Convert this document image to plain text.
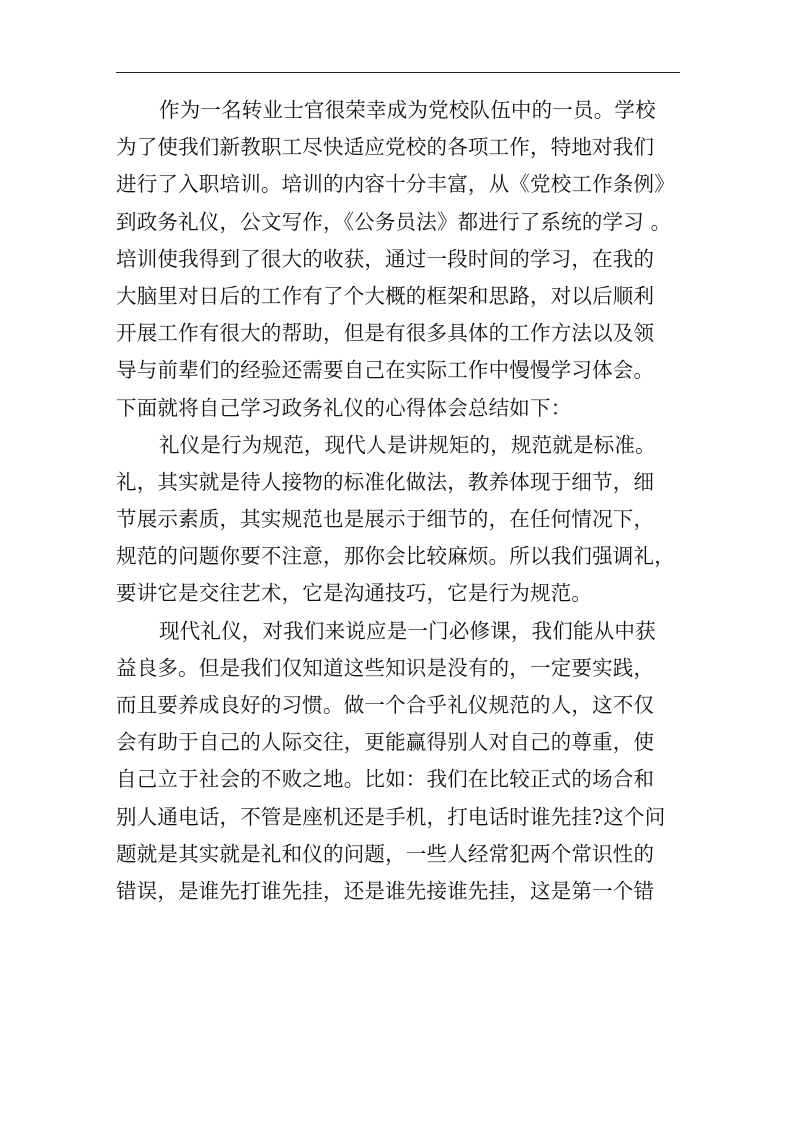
作为一名转业士官很荣幸成为党校队伍中的一员。学校
为了使我们新教职工尽快适应党校的各项工作，特地对我们
进行了入职培训。培训的内容十分丰富，从《党校工作条例》
到政务礼仪，公文写作，《公务员法》都进行了系统的学习 。
培训使我得到了很大的收获，通过一段时间的学习，在我的
大脑里对日后的工作有了个大概的框架和思路，对以后顺利
开展工作有很大的帮助，但是有很多具体的工作方法以及领
导与前辈们的经验还需要自己在实际工作中慢慢学习体会。
下面就将自己学习政务礼仪的心得体会总结如下：
礼仪是行为规范，现代人是讲规矩的，规范就是标准。
礼，其实就是待人接物的标准化做法，教养体现于细节，细
节展示素质，其实规范也是展示于细节的，在任何情况下，
规范的问题你要不注意，那你会比较麻烦。所以我们强调礼，
要讲它是交往艺术，它是沟通技巧，它是行为规范。
现代礼仪，对我们来说应是一门必修课，我们能从中获
益良多。但是我们仅知道这些知识是没有的，一定要实践，
而且要养成良好的习惯。做一个合乎礼仪规范的人，这不仅
会有助于自己的人际交往，更能赢得别人对自己的尊重，使
自己立于社会的不败之地。比如：我们在比较正式的场合和
别人通电话，不管是座机还是手机，打电话时谁先挂?这个问
题就是其实就是礼和仪的问题，一些人经常犯两个常识性的
错误，是谁先打谁先挂，还是谁先接谁先挂，这是第一个错
